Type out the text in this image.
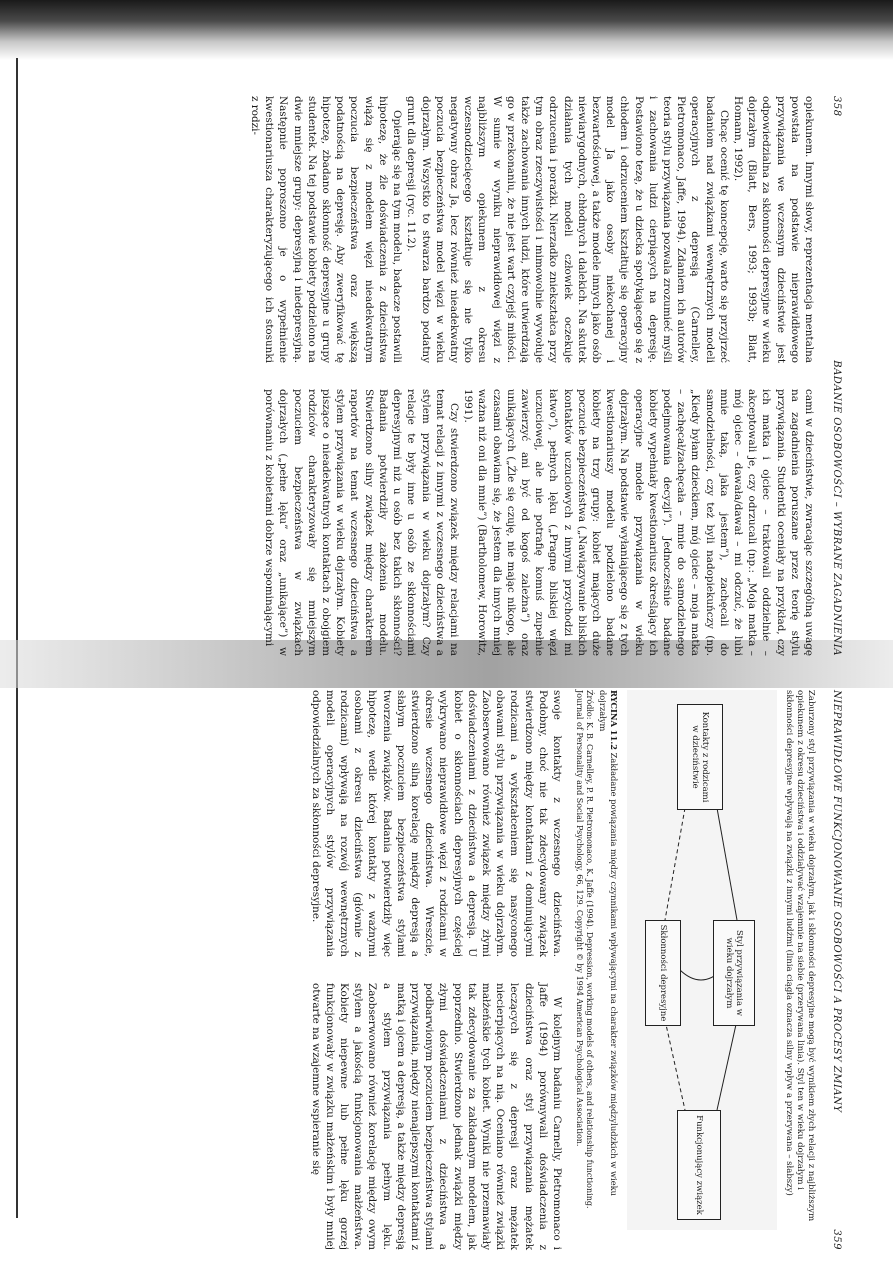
358
BADANIE OSOBOWOŚCI – WYBRANE ZAGADNIENIA

opiekunem. Innymi słowy, reprezentacja mentalna powstała na podstawie nieprawidłowego przywiązania we wczesnym dzieciństwie jest odpowiedzialna za skłonności depresyjne w wieku dojrzałym (Blatt, Bers, 1993; 1993b; Blatt, Homann, 1992).

Chcąc ocenić tę koncepcję, warto się przyjrzeć badaniom nad związkami wewnętrznych modeli operacyjnych z depresją (Carnelley, Pietromonaco, Jaffe, 1994). Zdaniem ich autorów teoria stylu przywiązania pozwala zrozumieć myśli i zachowania ludzi cierpiących na depresję. Postawiono tezę, że u dziecka spotykającego się z chłodem i odrzuceniem kształtuje się operacyjny model Ja jako osoby niekochanej i bezwartościowej, a także modele innych jako osób niewiarygodnych, chłodnych i dalekich. Na skutek działania tych modeli człowiek oczekuje odrzucenia i porażki. Nierzadko zniekształca przy tym obraz rzeczywistości i mimowolnie wywołuje także zachowania innych ludzi, które utwierdzają go w przekonaniu, że nie jest wart czyjejś miłości. W sumie w wyniku nieprawidłowej więzi z najbliższym opiekunem z okresu wczesnodziecięcego kształtuje się nie tylko negatywny obraz Ja, lecz również nieadekwatny poczucia bezpieczeństwa model więzi w wieku dojrzałym. Wszystko to stwarza bardzo podatny grunt dla depresji (ryc. 11.2).

Opierając się na tym modelu, badacze postawili hipotezę, że źle doświadczenia z dzieciństwa wiążą się z modelem więzi nieadekwatnym poczucia bezpieczeństwa oraz większą podatnością na depresję. Aby zweryfikować tę hipotezę, zbadano skłonność depresyjne u grupy studentek. Na tej podstawie kobiety podzielono na dwie mniejsze grupy: depresyjną i niedepresyjną. Następnie poproszono je o wypełnienie kwestionariusza charakteryzującego ich stosunki z rodzi-

cami w dzieciństwie, zwracając szczególną uwagę na zagadnienia poruszane przez teorię stylu przywiązania. Studentki oceniały na przykład, czy ich matka i ojciec – traktowali oddzielnie – akceptowali je, czy odrzucali (np.: „Moja matka – mój ojciec – dawała/dawał – mi odczuć, że lubi mnie taką, jaka jestem”), zachęcali do samodzielności, czy też byli nadopiekuńczy (np. „Kiedy byłam dzieckiem, mój ojciec – moja matka – zachęcał/zachęcała – mnie do samodzielnego podejmowania decyzji”). Jednocześnie badane kobiety wypełniały kwestionariusz określający ich operacyjne modele przywiązania w wieku dojrzałym. Na podstawie wyłaniającego się z tych kwestionariuszy modelu podzielono badane kobiety na trzy grupy: kobiet mających duże poczucie bezpieczeństwa („Nawiązywanie bliskich kontaktów uczuciowych z innymi przychodzi mi łatwo”), pełnych lęku („Pragnę bliskiej więzi uczuciowej, ale nie potrafię komuś zupełnie zawierzyć ani być od kogoś zależna”) oraz unikających („Źle się czuję, nie mając nikogo, ale czasami obawiam się, że jestem dla innych mniej ważna niż oni dla mnie”) (Bartholomew, Horowitz, 1991).

Czy stwierdzono związek między relacjami na temat relacji z innymi z wczesnego dzieciństwa a stylem przywiązania w wieku dojrzałym? Czy relacje te były inne u osób ze skłonnościami depresyjnymi niż u osób bez takich skłonności? Badania potwierdziły założenia modelu. Stwierdzono silny związek między charakterem raportów na temat wczesnego dzieciństwa a stylem przywiązania w wieku dojrzałym. Kobiety piszące o nieadekwatnych kontaktach z obojgiem rodziców charakteryzowały się mniejszym poczuciem bezpieczeństwa w związkach dojrzałych („pełne lęku” oraz „unikające”) w porównaniu z kobietami dobrze wspominającymi

NIEPRAWIDŁOWE FUNKCJONOWANIE OSOBOWOŚCI A PROCESY ZMIANY
359
Zaburzony styl przywiązania w wieku dojrzałym, jak i skłonności depresyjne mogą być wynikiem złych relacji z najbliższym opiekunem z okresu dzieciństwa i oddziaływać wzajemnie na siebie (przerywana linia). Styl ten w wieku dojrzałym i skłonności depresyjne wpływają na związki z innymi ludźmi (linia ciągła oznacza silny wpływ a przerywana – słabszy)
Kontakty z rodzicami w dzieciństwie
Styl przywiązania w wieku dojrzałym
Skłonności depresyjne
Funkcjonujący związek
RYCINA 11.2 Zakładane powiązania między czynnikami wpływającymi na charakter związków międzyludzkich w wieku dojrzałym
Źródło: K. B. Carnelley, P. R. Pietromonaco, K. Jaffe (1994). Depression, working models of others, and relationship functioning. Journal of Personality and Social Psychology, 66, 129. Copyright © by 1994 American Psychological Association.

swoje kontakty z wczesnego dzieciństwa. Podobny, choć nie tak zdecydowany związek stwierdzono między kontaktami z dominującymi rodzicami a wykształceniem się nasyconego obawami stylu przywiązania w wieku dojrzałym. Zaobserwowano również związek między złymi doświadczeniami z dzieciństwa a depresją. U kobiet o skłonnościach depresyjnych częściej wykrywano nieprawidłowe więzi z rodzicami w okresie wczesnego dzieciństwa. Wreszcie, stwierdzono silną korelację między depresją a słabym poczuciem bezpieczeństwa stylami tworzenia związków. Badania potwierdziły więc hipotezę, wedle której kontakty z ważnymi osobami z okresu dzieciństwa (głównie z rodzicami) wpływają na rozwój wewnętrznych modeli operacyjnych stylów przywiązania odpowiedzialnych za skłonności depresyjne.

W kolejnym badaniu Carnelly, Pietromonaco i Jaffe (1994) porównywali doświadczenia z dzieciństwa oraz styl przywiązania mężatek leczących się z depresji oraz mężatek niecierpiących na nią. Oceniano również związki małżeńskie tych kobiet. Wyniki nie przemawiały tak zdecydowanie za zakładanym modelem, jak poprzednio. Stwierdzono jednak związki między złymi doświadczeniami z dzieciństwa a podbarwionym poczuciem bezpieczeństwa stylami przywiązania, między nienajlepszymi kontaktami z matką i ojcem a depresją, a także między depresją a stylem przywiązania pełnym lęku. Zaobserwowano również korelację między owym stylem a jakością funkcjonowania małżeństwa. Kobiety niepewne lub pełne lęku gorzej funkcjonowały w związku małżeńskim i były mniej otwarte na wzajemne wspieranie się
